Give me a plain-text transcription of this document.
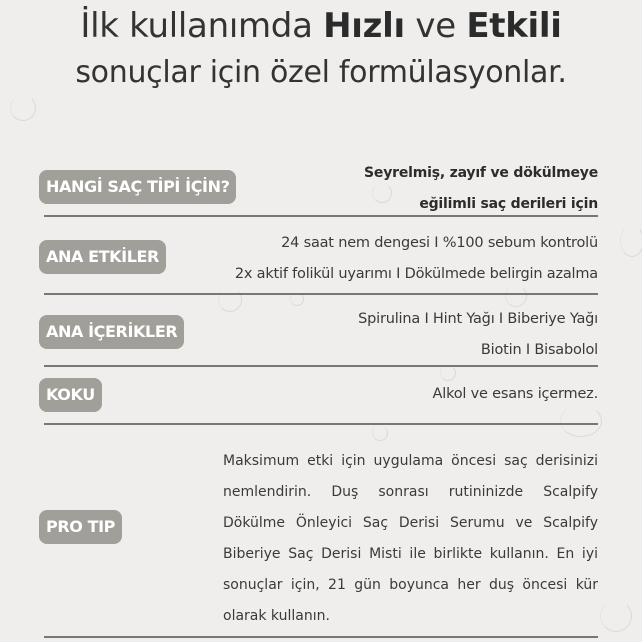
İlk kullanımda Hızlı ve Etkili
sonuçlar için özel formülasyonlar.
HANGİ SAÇ TİPİ İÇİN?
Seyrelmiş, zayıf ve dökülmeye
eğilimli saç derileri için
ANA ETKİLER
24 saat nem dengesi I %100 sebum kontrolü
2x aktif folikül uyarımı I Dökülmede belirgin azalma
ANA İÇERİKLER
Spirulina I Hint Yağı I Biberiye Yağı
Biotin I Bisabolol
KOKU	Alkol ve esans içermez.
PRO TIP
Maksimum etki için uygulama öncesi saç derisinizi nemlendirin. Duş sonrası rutininizde Scalpify Dökülme Önleyici Saç Derisi Serumu ve Scalpify Biberiye Saç Derisi Misti ile birlikte kullanın. En iyi sonuçlar için, 21 gün boyunca her duş öncesi kür olarak kullanın.
